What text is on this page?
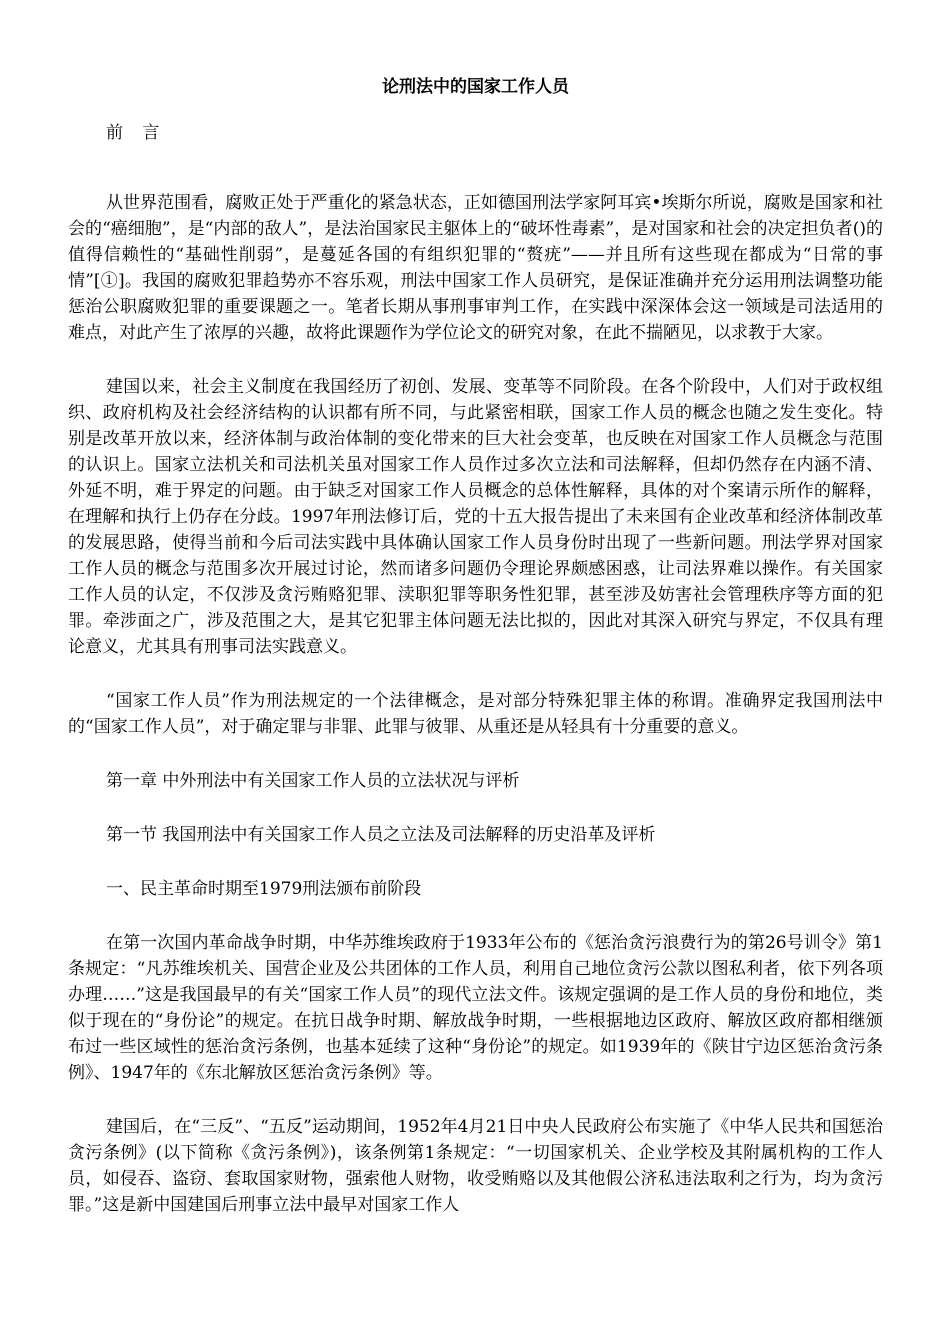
论刑法中的国家工作人员
前 言

从世界范围看，腐败正处于严重化的紧急状态，正如德国刑法学家阿耳宾•埃斯尔所说，腐败是国家和社会的“癌细胞”，是“内部的敌人”，是法治国家民主躯体上的“破坏性毒素”，是对国家和社会的决定担负者()的值得信赖性的“基础性削弱”，是蔓延各国的有组织犯罪的“赘疣”——并且所有这些现在都成为“日常的事情”[①]。我国的腐败犯罪趋势亦不容乐观，刑法中国家工作人员研究，是保证准确并充分运用刑法调整功能惩治公职腐败犯罪的重要课题之一。笔者长期从事刑事审判工作，在实践中深深体会这一领域是司法适用的难点，对此产生了浓厚的兴趣，故将此课题作为学位论文的研究对象，在此不揣陋见，以求教于大家。

建国以来，社会主义制度在我国经历了初创、发展、变革等不同阶段。在各个阶段中，人们对于政权组织、政府机构及社会经济结构的认识都有所不同，与此紧密相联，国家工作人员的概念也随之发生变化。特别是改革开放以来，经济体制与政治体制的变化带来的巨大社会变革，也反映在对国家工作人员概念与范围的认识上。国家立法机关和司法机关虽对国家工作人员作过多次立法和司法解释，但却仍然存在内涵不清、外延不明，难于界定的问题。由于缺乏对国家工作人员概念的总体性解释，具体的对个案请示所作的解释，在理解和执行上仍存在分歧。1997年刑法修订后，党的十五大报告提出了未来国有企业改革和经济体制改革的发展思路，使得当前和今后司法实践中具体确认国家工作人员身份时出现了一些新问题。刑法学界对国家工作人员的概念与范围多次开展过讨论，然而诸多问题仍令理论界颇感困惑，让司法界难以操作。有关国家工作人员的认定，不仅涉及贪污贿赂犯罪、渎职犯罪等职务性犯罪，甚至涉及妨害社会管理秩序等方面的犯罪。牵涉面之广，涉及范围之大，是其它犯罪主体问题无法比拟的，因此对其深入研究与界定，不仅具有理论意义，尤其具有刑事司法实践意义。

“国家工作人员”作为刑法规定的一个法律概念，是对部分特殊犯罪主体的称谓。准确界定我国刑法中的“国家工作人员”，对于确定罪与非罪、此罪与彼罪、从重还是从轻具有十分重要的意义。

第一章 中外刑法中有关国家工作人员的立法状况与评析
第一节 我国刑法中有关国家工作人员之立法及司法解释的历史沿革及评析
一、民主革命时期至1979刑法颁布前阶段

在第一次国内革命战争时期，中华苏维埃政府于1933年公布的《惩治贪污浪费行为的第26号训令》第1条规定：“凡苏维埃机关、国营企业及公共团体的工作人员，利用自己地位贪污公款以图私利者，依下列各项办理……”这是我国最早的有关“国家工作人员”的现代立法文件。该规定强调的是工作人员的身份和地位，类似于现在的“身份论”的规定。在抗日战争时期、解放战争时期，一些根据地边区政府、解放区政府都相继颁布过一些区域性的惩治贪污条例，也基本延续了这种“身份论”的规定。如1939年的《陕甘宁边区惩治贪污条例》、1947年的《东北解放区惩治贪污条例》等。

建国后，在“三反”、“五反”运动期间，1952年4月21日中央人民政府公布实施了《中华人民共和国惩治贪污条例》(以下简称《贪污条例》)，该条例第1条规定：“一切国家机关、企业学校及其附属机构的工作人员，如侵吞、盗窃、套取国家财物，强索他人财物，收受贿赂以及其他假公济私违法取利之行为，均为贪污罪。”这是新中国建国后刑事立法中最早对国家工作人
